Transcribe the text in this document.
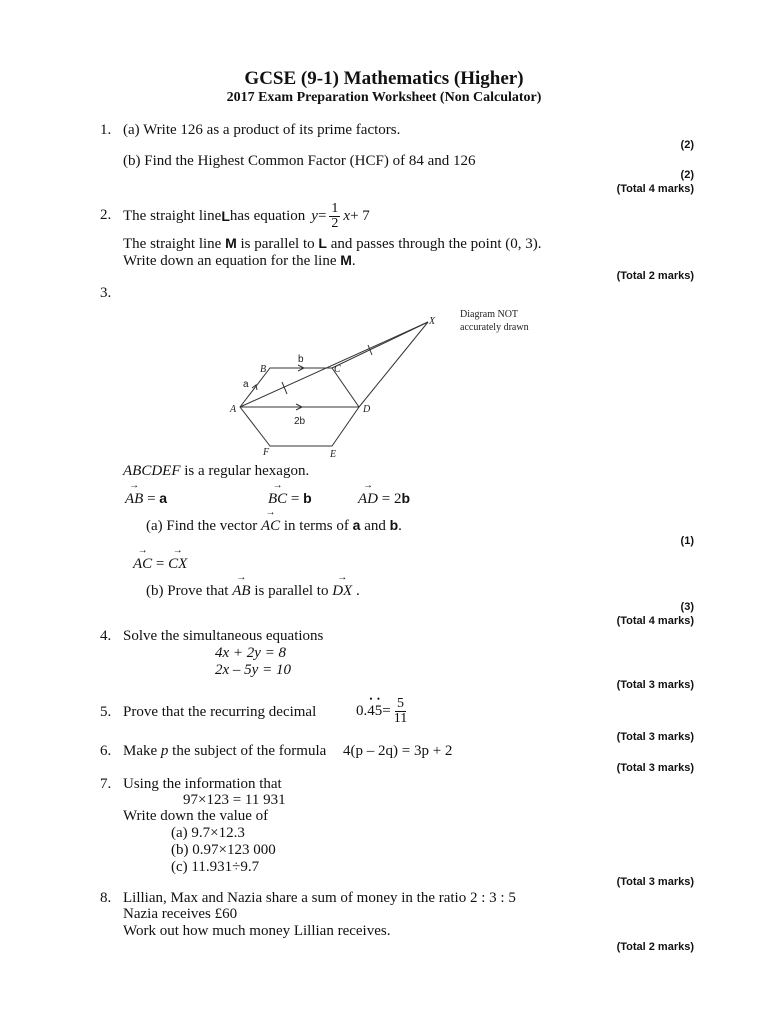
GCSE (9-1) Mathematics (Higher)
2017 Exam Preparation Worksheet (Non Calculator)
1. (a) Write 126 as a product of its prime factors.
(2)
(b) Find the Highest Common Factor (HCF) of 84 and 126
(2)
(Total 4 marks)
2. The straight line L has equation $y = \frac{1}{2}$ x + 7
The straight line M is parallel to L and passes through the point (0, 3).
Write down an equation for the line M.
(Total 2 marks)
3.
A
B	C
D
E
F
X
a
b
2b
Diagram NOT
accurately drawn
ABCDEF is a regular hexagon.
→ AB = a	→ BC = b	→ AD = 2b
(a) Find the vector → AC in terms of a and b.
(1)
→ AC = → CX
(b) Prove that → AB is parallel to → DX .
(3)
(Total 4 marks)
4. Solve the simultaneous equations
4x + 2y = 8
2x – 5y = 10
(Total 3 marks)
5. Prove that the recurring decimal	0. • 4 • $5 = \frac{5}{11}$
(Total 3 marks)
6. Make p the subject of the formula 4(p – 2q) = 3p + 2
(Total 3 marks)
7. Using the information that
97×123 = 11 931
Write down the value of
(a) 9.7×12.3
(b) 0.97×123 000
(c) 11.931÷9.7
(Total 3 marks)
8. Lillian, Max and Nazia share a sum of money in the ratio 2 : 3 : 5
Nazia receives £60
Work out how much money Lillian receives.
(Total 2 marks)
